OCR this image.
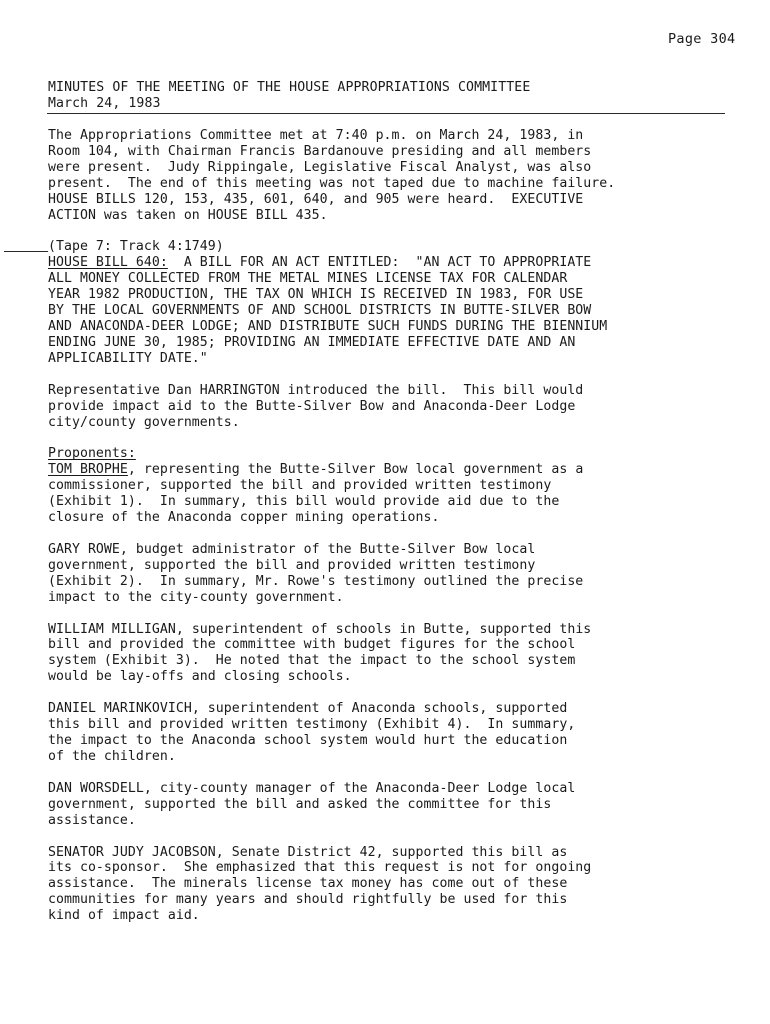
Page 304
MINUTES OF THE MEETING OF THE HOUSE APPROPRIATIONS COMMITTEE
March 24, 1983

The Appropriations Committee met at 7:40 p.m. on March 24, 1983, in
Room 104, with Chairman Francis Bardanouve presiding and all members
were present.  Judy Rippingale, Legislative Fiscal Analyst, was also
present.  The end of this meeting was not taped due to machine failure.
HOUSE BILLS 120, 153, 435, 601, 640, and 905 were heard.  EXECUTIVE
ACTION was taken on HOUSE BILL 435.

(Tape 7: Track 4:1749)

HOUSE BILL 640:  A BILL FOR AN ACT ENTITLED:  "AN ACT TO APPROPRIATE
ALL MONEY COLLECTED FROM THE METAL MINES LICENSE TAX FOR CALENDAR
YEAR 1982 PRODUCTION, THE TAX ON WHICH IS RECEIVED IN 1983, FOR USE
BY THE LOCAL GOVERNMENTS OF AND SCHOOL DISTRICTS IN BUTTE-SILVER BOW
AND ANACONDA-DEER LODGE; AND DISTRIBUTE SUCH FUNDS DURING THE BIENNIUM
ENDING JUNE 30, 1985; PROVIDING AN IMMEDIATE EFFECTIVE DATE AND AN
APPLICABILITY DATE."

Representative Dan HARRINGTON introduced the bill.  This bill would
provide impact aid to the Butte-Silver Bow and Anaconda-Deer Lodge
city/county governments.

Proponents:

TOM BROPHE, representing the Butte-Silver Bow local government as a
commissioner, supported the bill and provided written testimony
(Exhibit 1).  In summary, this bill would provide aid due to the
closure of the Anaconda copper mining operations.

GARY ROWE, budget administrator of the Butte-Silver Bow local
government, supported the bill and provided written testimony
(Exhibit 2).  In summary, Mr. Rowe's testimony outlined the precise
impact to the city-county government.

WILLIAM MILLIGAN, superintendent of schools in Butte, supported this
bill and provided the committee with budget figures for the school
system (Exhibit 3).  He noted that the impact to the school system
would be lay-offs and closing schools.

DANIEL MARINKOVICH, superintendent of Anaconda schools, supported
this bill and provided written testimony (Exhibit 4).  In summary,
the impact to the Anaconda school system would hurt the education
of the children.

DAN WORSDELL, city-county manager of the Anaconda-Deer Lodge local
government, supported the bill and asked the committee for this
assistance.

SENATOR JUDY JACOBSON, Senate District 42, supported this bill as
its co-sponsor.  She emphasized that this request is not for ongoing
assistance.  The minerals license tax money has come out of these
communities for many years and should rightfully be used for this
kind of impact aid.
